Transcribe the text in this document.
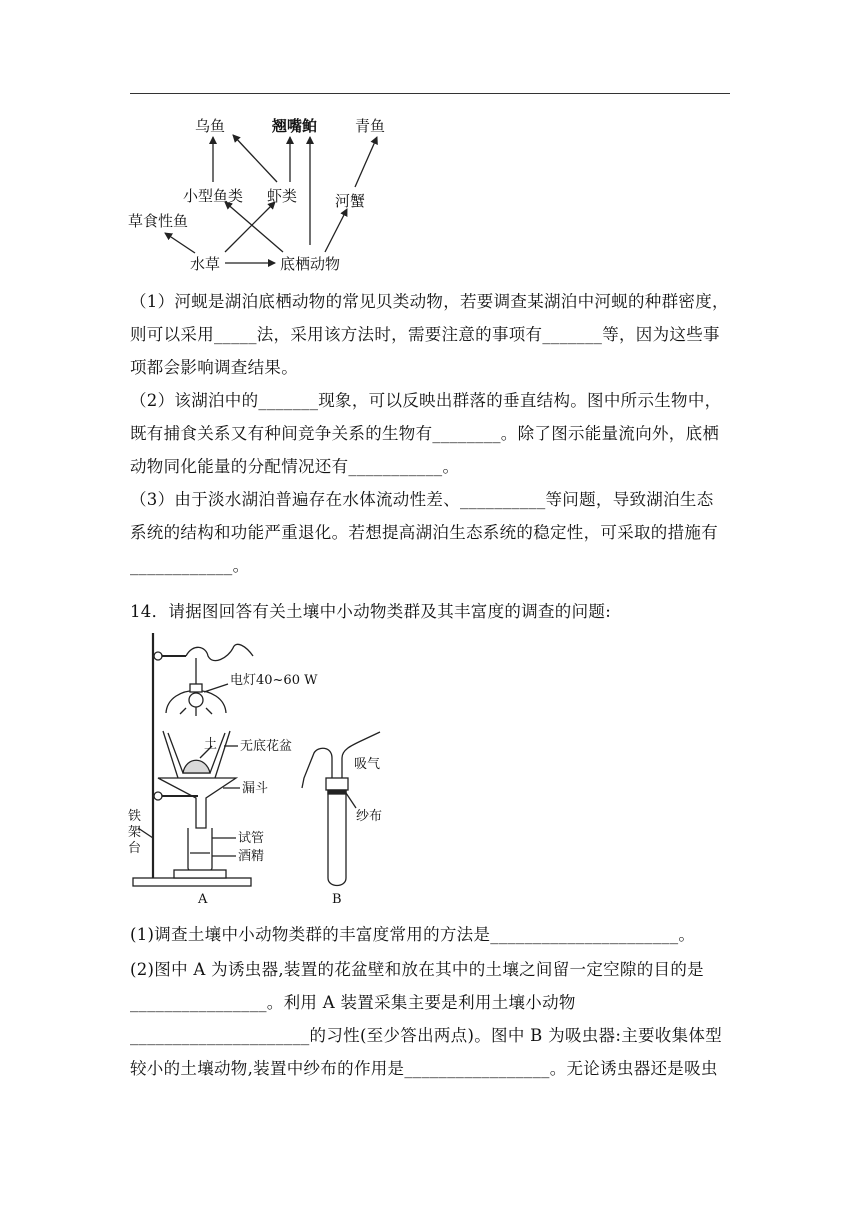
乌鱼	翘嘴鲌	青鱼
小型鱼类 虾类	河蟹
草食性鱼
水草	底栖动物
（1）河蚬是湖泊底栖动物的常见贝类动物，若要调查某湖泊中河蚬的种群密度，
则可以采用_____法，采用该方法时，需要注意的事项有_______等，因为这些事
项都会影响调查结果。
（2）该湖泊中的_______现象，可以反映出群落的垂直结构。图中所示生物中，
既有捕食关系又有种间竞争关系的生物有________。除了图示能量流向外，底栖
动物同化能量的分配情况还有___________。
（3）由于淡水湖泊普遍存在水体流动性差、__________等问题，导致湖泊生态
系统的结构和功能严重退化。若想提高湖泊生态系统的稳定性，可采取的措施有
____________。
14．请据图回答有关土壤中小动物类群及其丰富度的调查的问题:
电灯40~60 W
土 无底花盆
漏斗
铁
架
台
试管
酒精
A
吸气
纱布
B
(1)调查土壤中小动物类群的丰富度常用的方法是______________________。
(2)图中 A 为诱虫器,装置的花盆壁和放在其中的土壤之间留一定空隙的目的是
________________。利用 A 装置采集主要是利用土壤小动物
_____________________的习性(至少答出两点)。图中 B 为吸虫器:主要收集体型
较小的土壤动物,装置中纱布的作用是_________________。无论诱虫器还是吸虫
